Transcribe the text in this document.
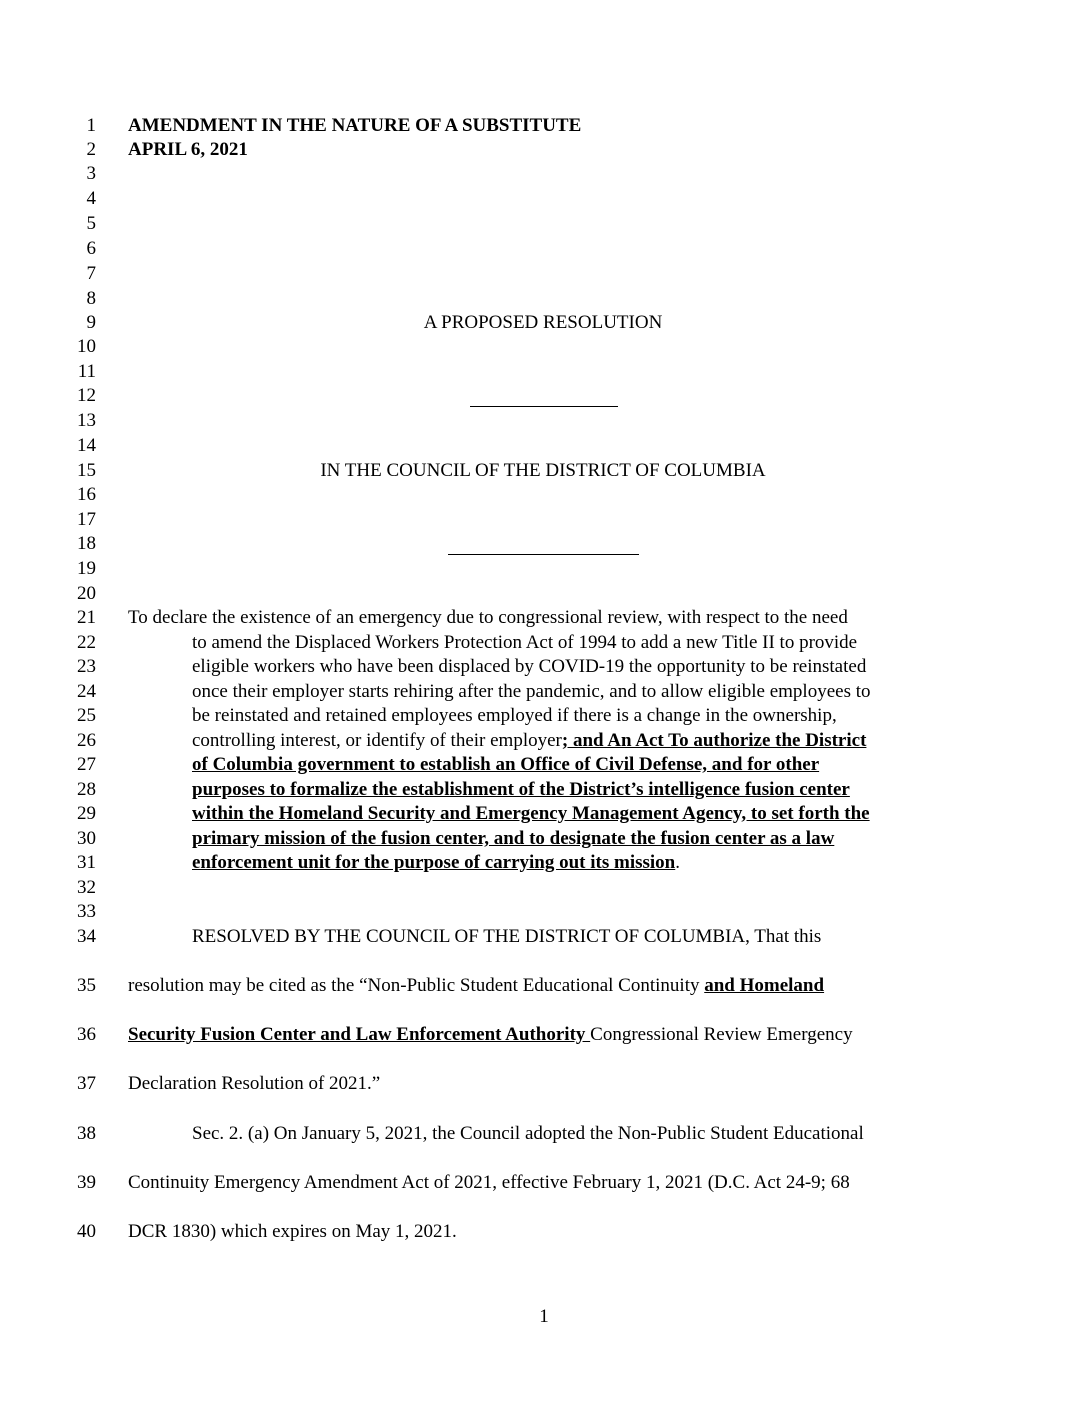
1
2
3
4
5
6
7
8
9
10
11
12
13
14
15
16
17
18
19
20
21
22
23
24
25
26
27
28
29
30
31
32
33
34
35
36
37
38
39
40
AMENDMENT IN THE NATURE OF A SUBSTITUTE
APRIL 6, 2021
A PROPOSED RESOLUTION
IN THE COUNCIL OF THE DISTRICT OF COLUMBIA
To declare the existence of an emergency due to congressional review, with respect to the need
to amend the Displaced Workers Protection Act of 1994 to add a new Title II to provide
eligible workers who have been displaced by COVID-19 the opportunity to be reinstated
once their employer starts rehiring after the pandemic, and to allow eligible employees to
be reinstated and retained employees employed if there is a change in the ownership,
controlling interest, or identify of their employer; and An Act To authorize the District
of Columbia government to establish an Office of Civil Defense, and for other
purposes to formalize the establishment of the District’s intelligence fusion center
within the Homeland Security and Emergency Management Agency, to set forth the
primary mission of the fusion center, and to designate the fusion center as a law
enforcement unit for the purpose of carrying out its mission.
RESOLVED BY THE COUNCIL OF THE DISTRICT OF COLUMBIA, That this
resolution may be cited as the “Non-Public Student Educational Continuity and Homeland
Security Fusion Center and Law Enforcement Authority Congressional Review Emergency
Declaration Resolution of 2021.”
Sec. 2. (a) On January 5, 2021, the Council adopted the Non-Public Student Educational
Continuity Emergency Amendment Act of 2021, effective February 1, 2021 (D.C. Act 24-9; 68
DCR 1830) which expires on May 1, 2021.
1
